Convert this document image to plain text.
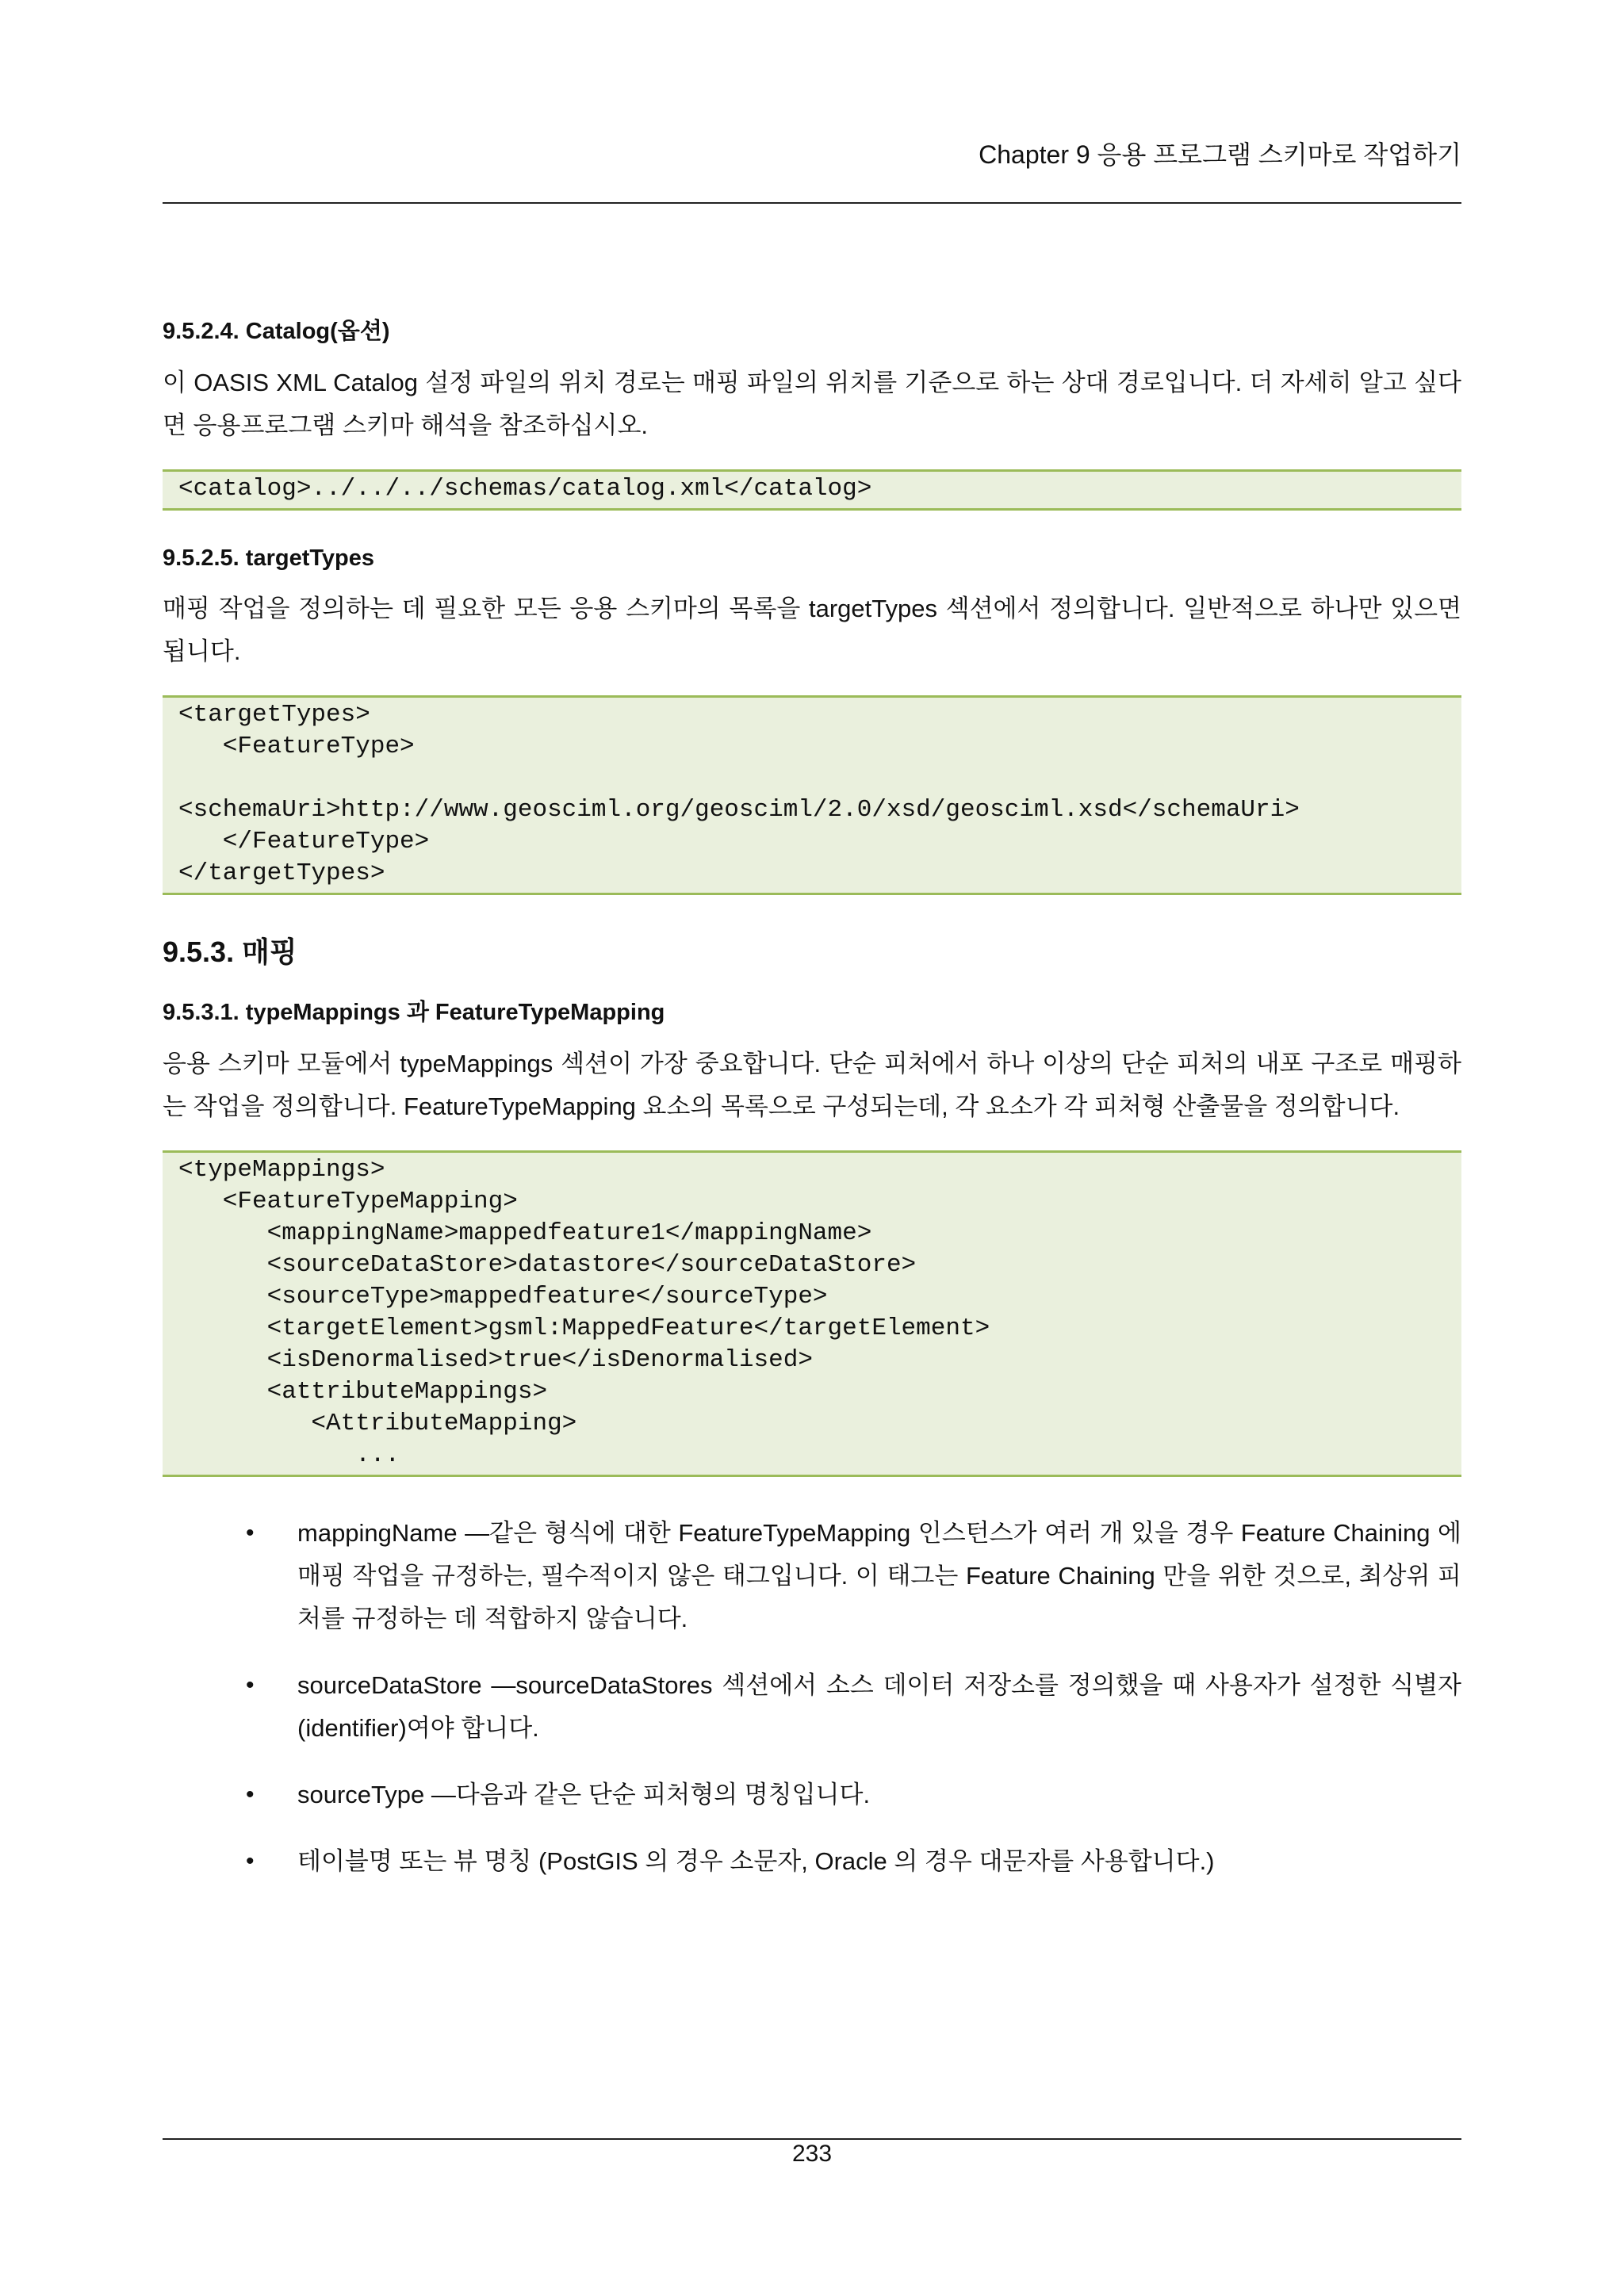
Chapter 9 응용 프로그램 스키마로 작업하기
9.5.2.4. Catalog(옵션)

이 OASIS XML Catalog 설정 파일의 위치 경로는 매핑 파일의 위치를 기준으로 하는 상대 경로입니다. 더 자세히 알고 싶다면 응용프로그램 스키마 해석을 참조하십시오.

<catalog>../../../schemas/catalog.xml</catalog>
9.5.2.5. targetTypes

매핑 작업을 정의하는 데 필요한 모든 응용 스키마의 목록을 targetTypes 섹션에서 정의합니다. 일반적으로 하나만 있으면 됩니다.

<targetTypes>
<FeatureType>

<schemaUri>http://www.geosciml.org/geosciml/2.0/xsd/geosciml.xsd</schemaUri>
</FeatureType>
</targetTypes>
9.5.3. 매핑
9.5.3.1. typeMappings 과 FeatureTypeMapping

응용 스키마 모듈에서 typeMappings 섹션이 가장 중요합니다. 단순 피처에서 하나 이상의 단순 피처의 내포 구조로 매핑하는 작업을 정의합니다. FeatureTypeMapping 요소의 목록으로 구성되는데, 각 요소가 각 피처형 산출물을 정의합니다.

<typeMappings>
<FeatureTypeMapping>
<mappingName>mappedfeature1</mappingName>
<sourceDataStore>datastore</sourceDataStore>
<sourceType>mappedfeature</sourceType>
<targetElement>gsml:MappedFeature</targetElement>
<isDenormalised>true</isDenormalised>
<attributeMappings>
<AttributeMapping>
...
• mappingName —같은 형식에 대한 FeatureTypeMapping 인스턴스가 여러 개 있을 경우 Feature Chaining 에 매핑 작업을 규정하는, 필수적이지 않은 태그입니다. 이 태그는 Feature Chaining 만을 위한 것으로, 최상위 피처를 규정하는 데 적합하지 않습니다.
• sourceDataStore —sourceDataStores 섹션에서 소스 데이터 저장소를 정의했을 때 사용자가 설정한 식별자(identifier)여야 합니다.
• sourceType —다음과 같은 단순 피처형의 명칭입니다.
• 테이블명 또는 뷰 명칭 (PostGIS 의 경우 소문자, Oracle 의 경우 대문자를 사용합니다.)
233
